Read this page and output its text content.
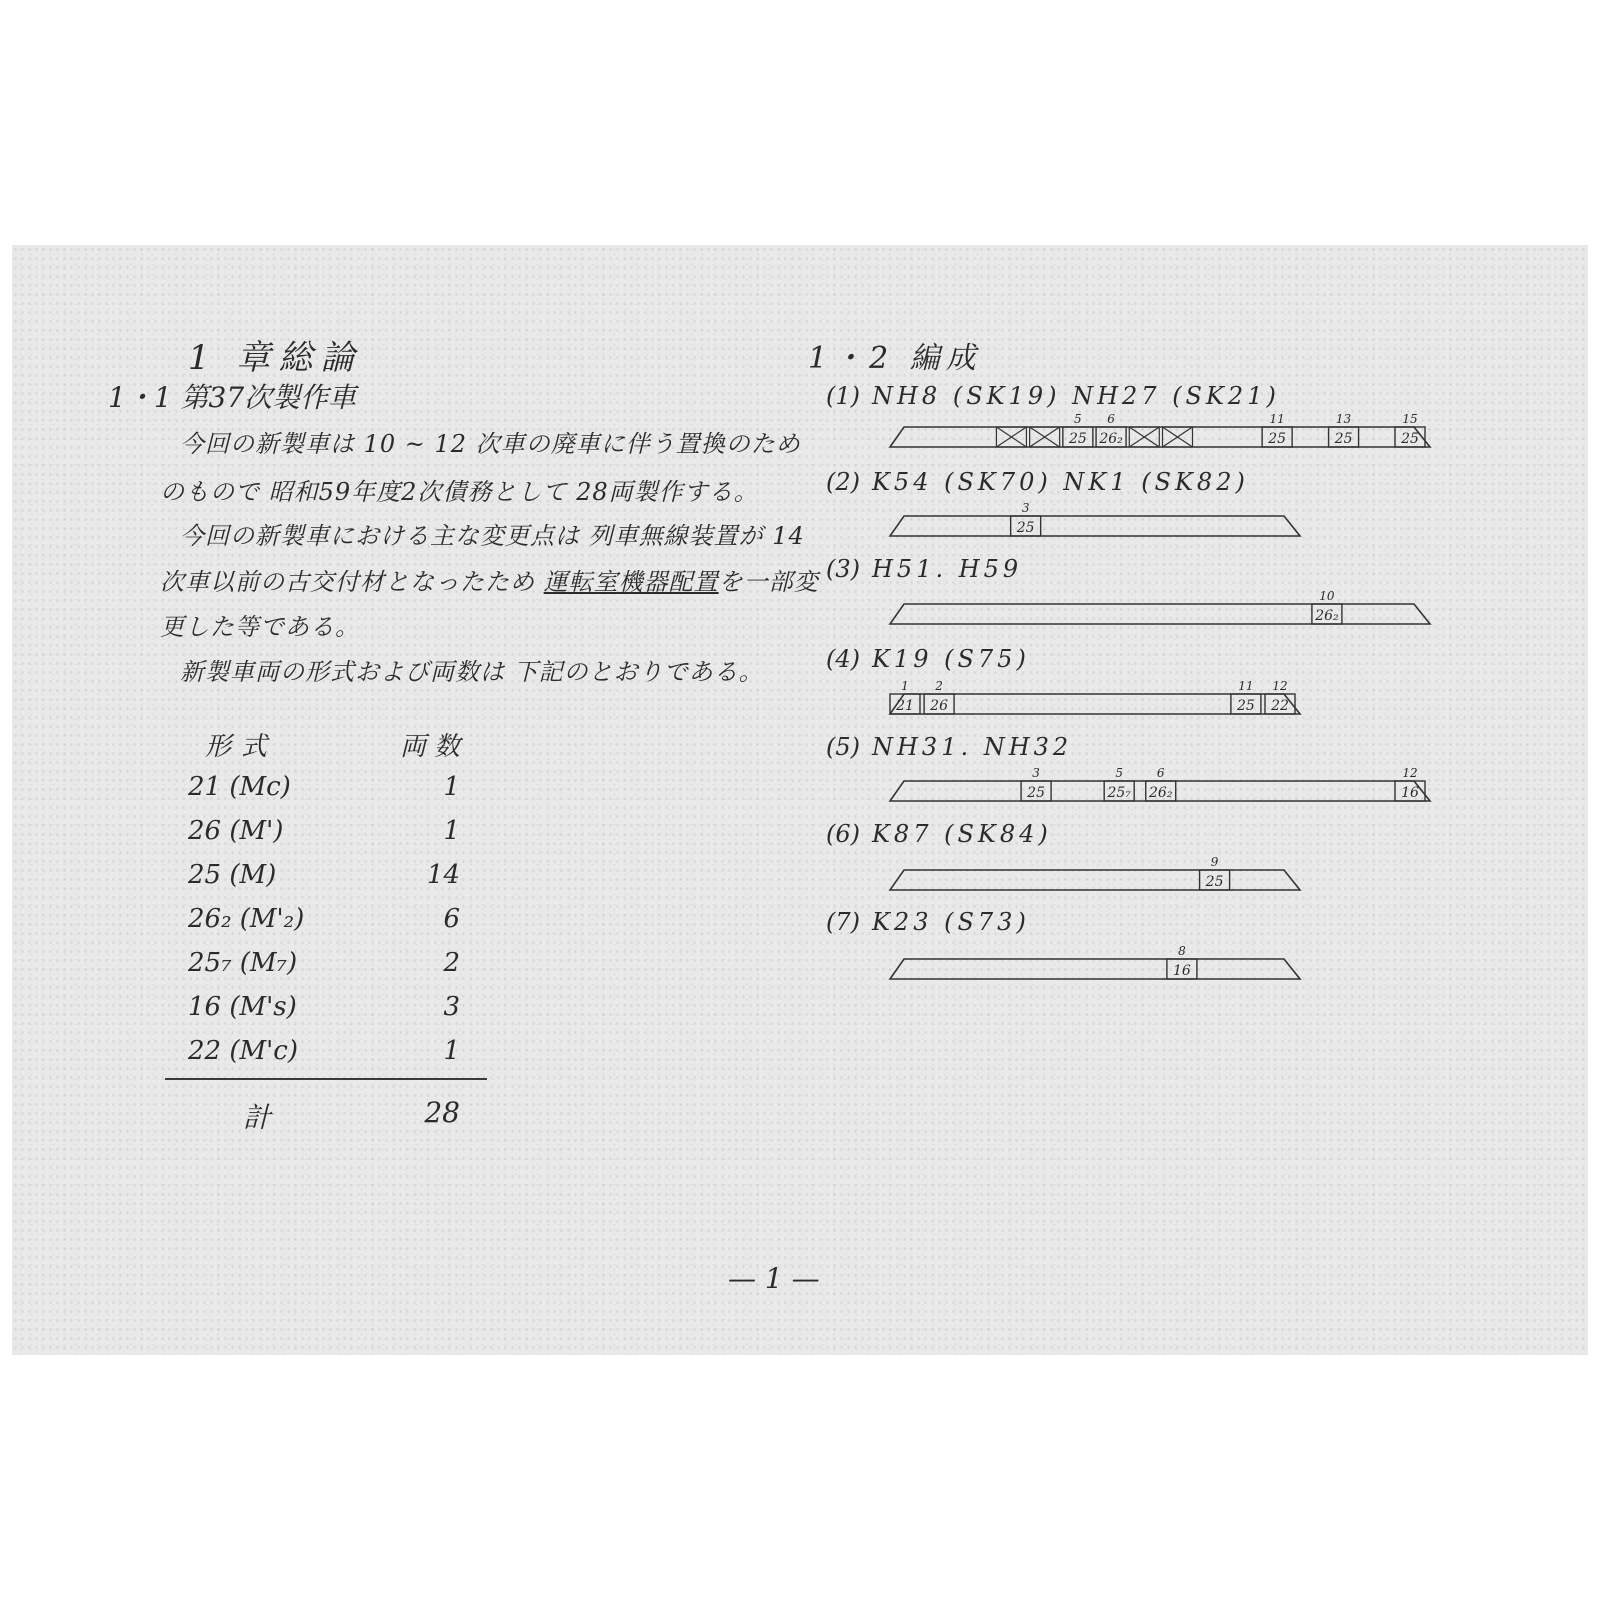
1 章総論
1・1 第37次製作車
今回の新製車は 10 ~ 12 次車の廃車に伴う置換のため
のもので 昭和59年度2次債務として 28両製作する。
今回の新製車における主な変更点は 列車無線装置が 14
次車以前の古交付材となったため 運転室機器配置を一部変
更した等である。
新製車両の形式および両数は 下記のとおりである。
形式	両数
21 (Mc)	1
26 (M')	1
25 (M)	14
26₂ (M'₂)	6
25₇ (M₇)	2
16 (M's)	3
22 (M'c)	1
計	28
1・2 編成
(1) NH8 (SK19) NH27 (SK21)
5
25
6
26₂
11
25
13
25
15
25
(2) K54 (SK70) NK1 (SK82)
3
25
(3) H51. H59
10
26₂
(4) K19 (S75)
1
21
2
26
11
25
12
22
(5) NH31. NH32
3
25
5
25₇
6
26₂
12
16
(6) K87 (SK84)
9
25
(7) K23 (S73)
8
16
— 1 —
